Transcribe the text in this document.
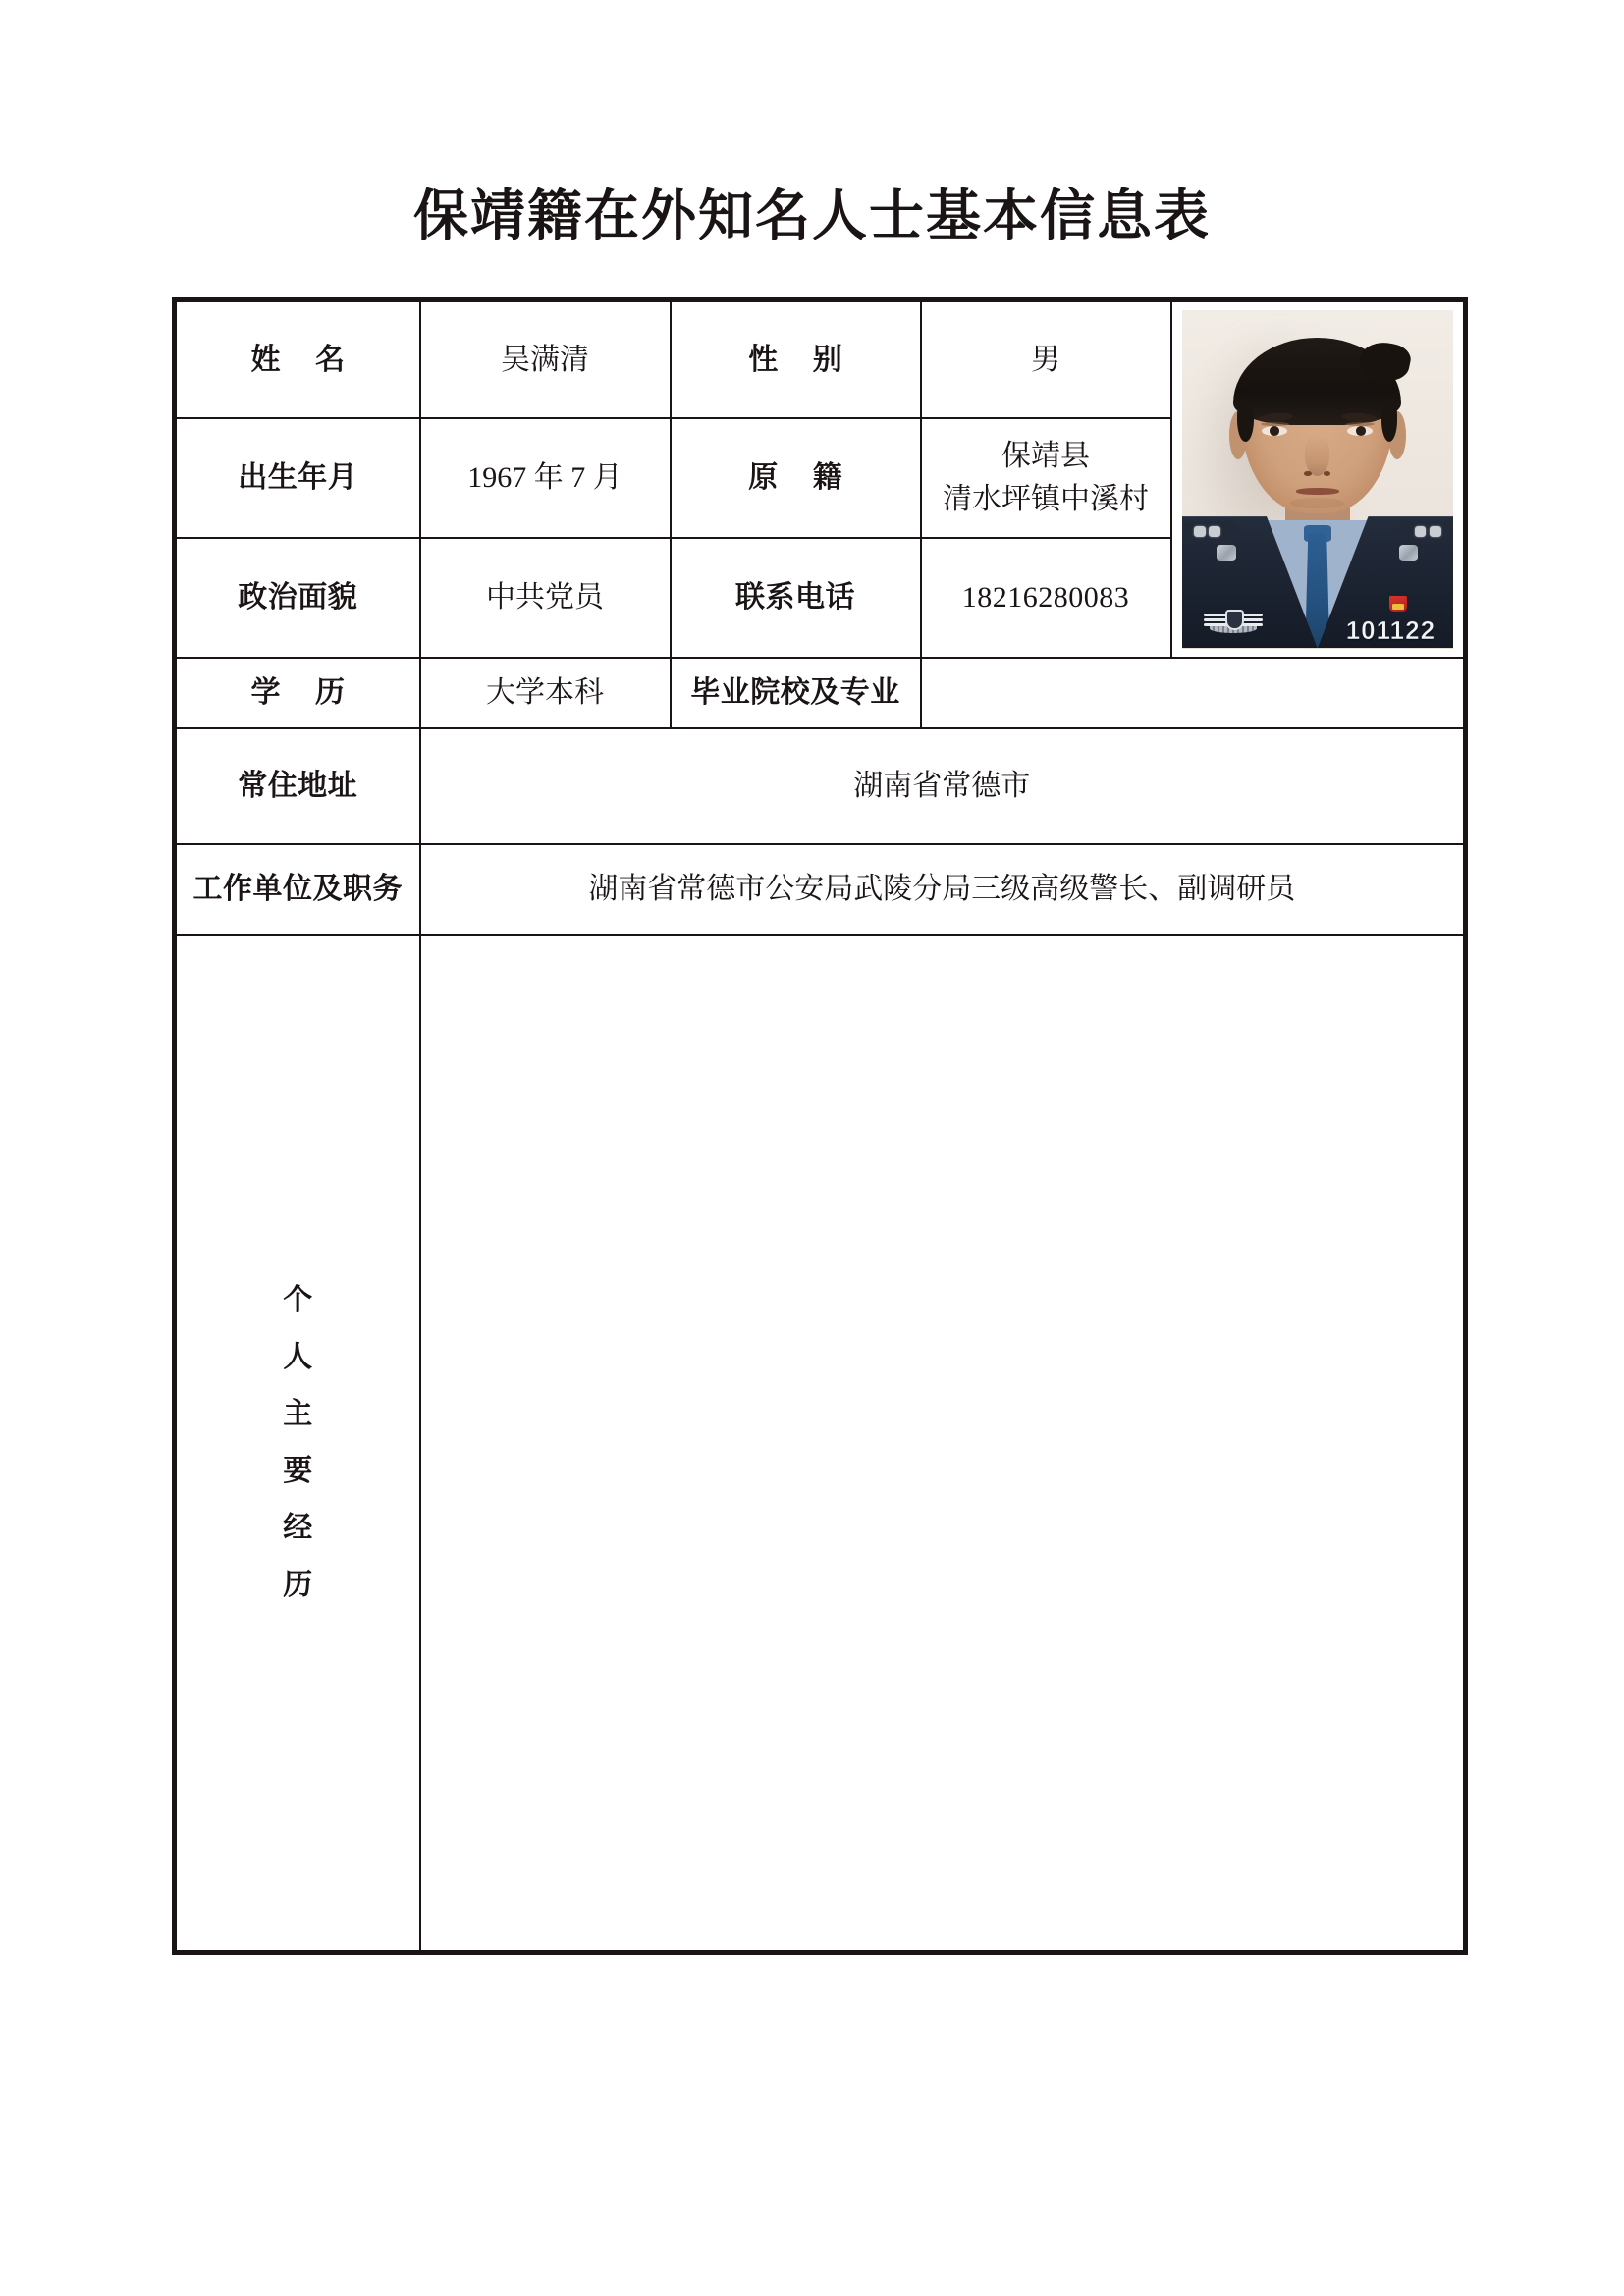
保靖籍在外知名人士基本信息表
姓 名	吴满清	性 别	男	101122

出生年月	1967 年 7 月	原 籍	保靖县
清水坪镇中溪村	

政治面貌	中共党员	联系电话	18216280083	
学 历	大学本科	毕业院校及专业		
常住地址	湖南省常德市			
工作单位及职务	湖南省常德市公安局武陵分局三级高级警长、副调研员			

个
人
主
要
经
历
